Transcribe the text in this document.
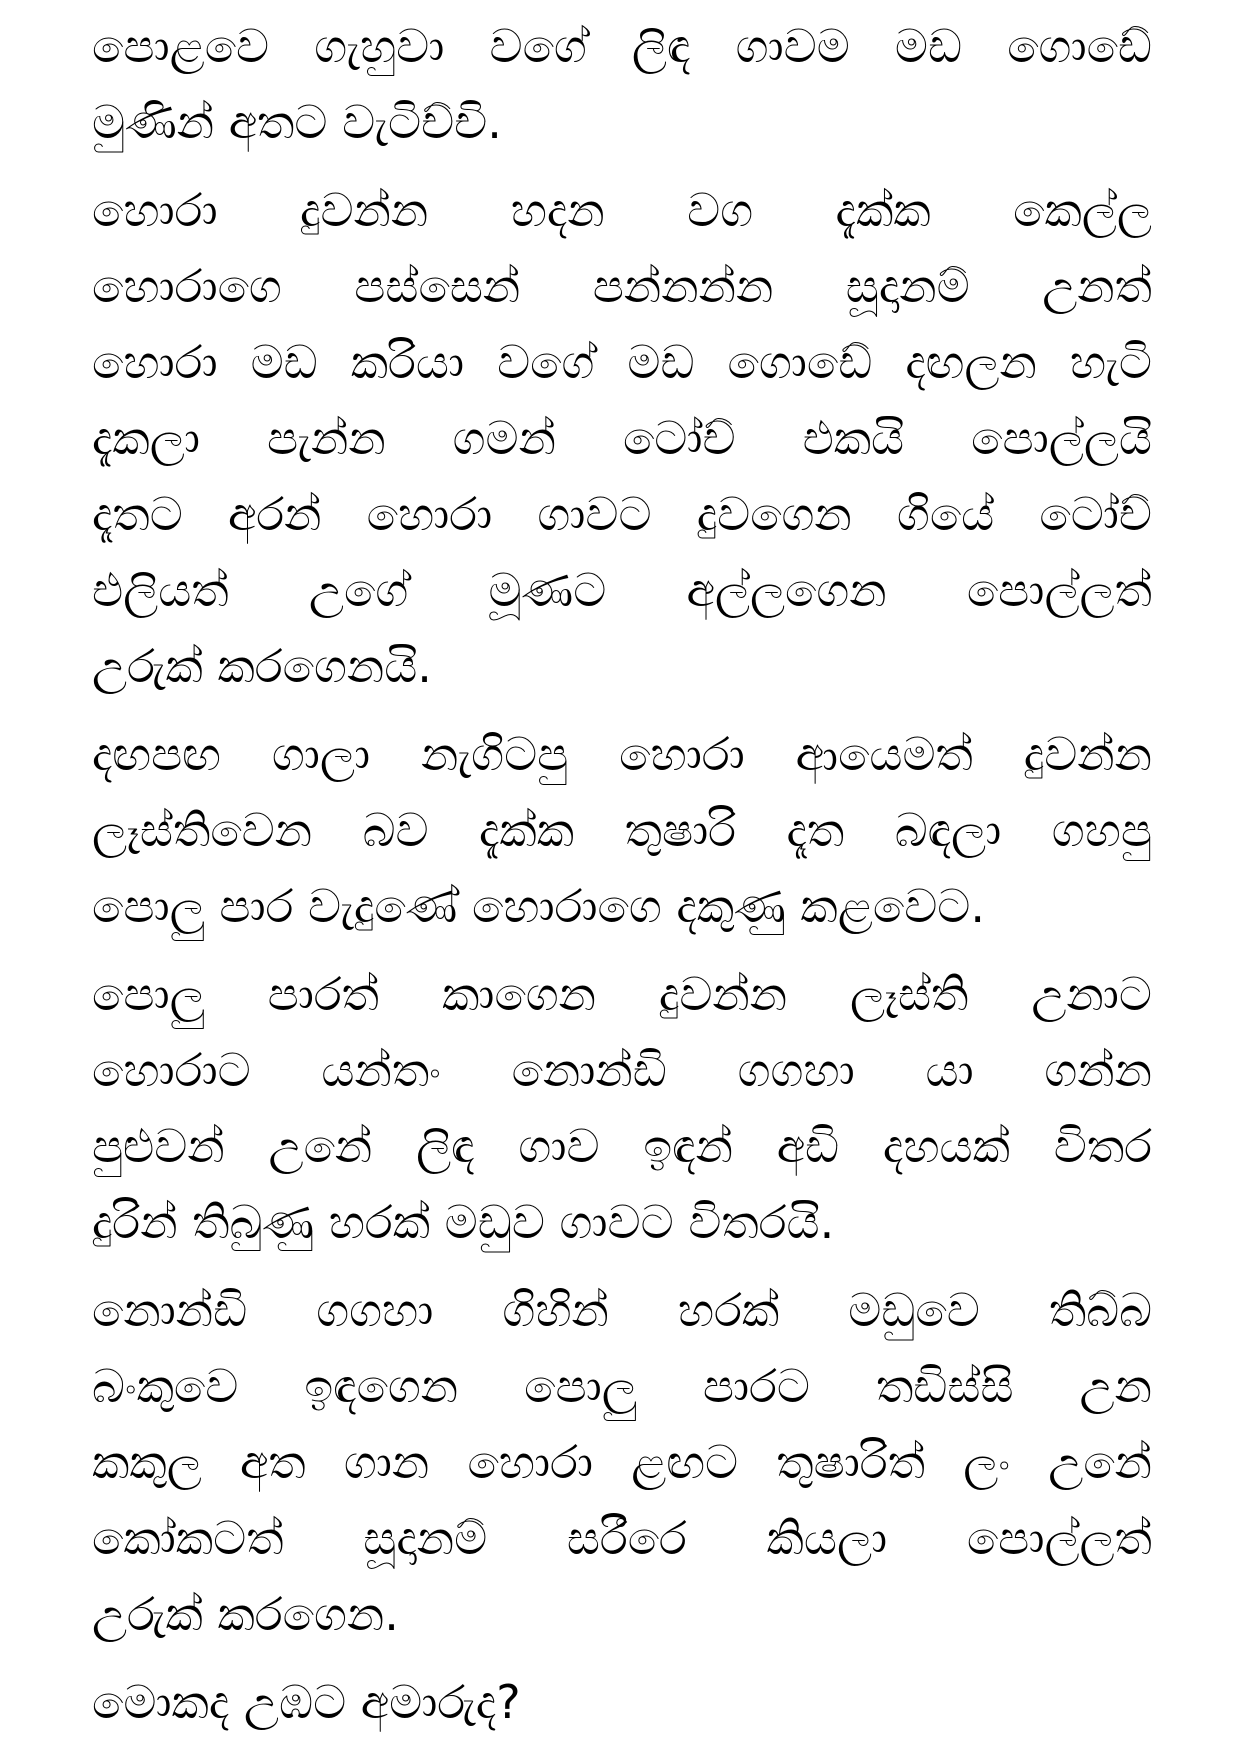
පොළවෙ ගැහුවා වගේ ලිඳ ගාවම මඩ ගොඩේ
මුණින් අතට වැටිච්චි.
හොරා දුවන්න හදන වග දැක්ක කෙල්ල
හොරාගෙ පස්සෙන් පන්නන්න සූදානම් උනත්
හොරා මඩ කරියා වගේ මඩ ගොඩේ දඟලන හැටි
දැකලා පැන්න ගමන් ටෝච් එකයි පොල්ලයි
දෑතට අරන් හොරා ගාවට දුවගෙන ගියේ ටෝච්
එලියත් උගේ මූණට අල්ලගෙන පොල්ලත්
උරුක් කරගෙනයි.
දඟපඟ ගාලා නැගිටපු හොරා ආයෙමත් දුවන්න
ලෑස්තිවෙන බව දැක්ක තුෂාරි දෑත බඳලා ගහපු
පොලු පාර වැදුණේ හොරාගෙ දකුණු කළවෙට.
පොලු පාරත් කාගෙන දුවන්න ලෑස්ති උනාට
හොරාට යන්තං නොන්ඩි ගගහා යා ගන්න
පුළුවන් උනේ ලිඳ ගාව ඉඳන් අඩි දහයක් විතර
දුරින් තිබුණු හරක් මඩුව ගාවට විතරයි.
නොන්ඩි ගගහා ගිහින් හරක් මඩුවෙ තිබ්බ
බංකුවෙ ඉඳගෙන පොලු පාරට තඩිස්සි උන
කකුල අත ගාන හොරා ළඟට තුෂාරිත් ලං උනේ
කෝකටත් සූදානම් සරීරෙ කියලා පොල්ලත්
උරුක් කරගෙන.
මොකද උඹට අමාරුද?
